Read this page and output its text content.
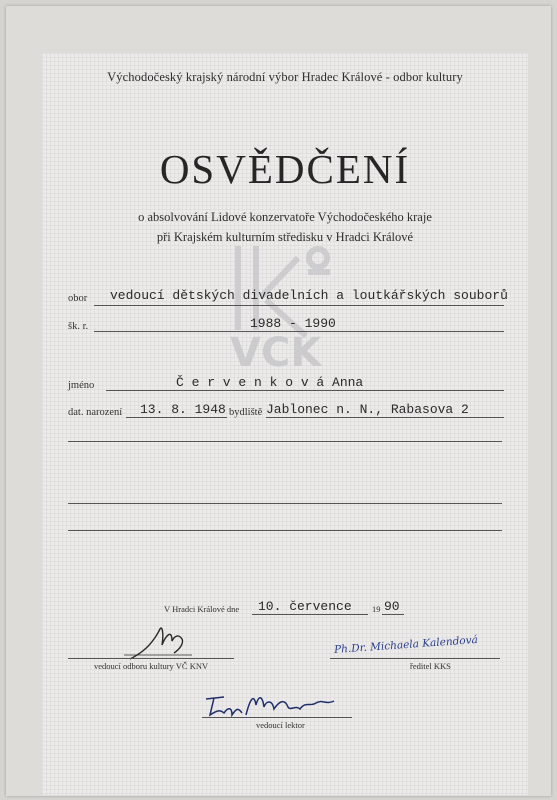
Východočeský krajský národní výbor Hradec Králové - odbor kultury
OSVĚDČENÍ
o absolvování Lidové konzervatoře Východočeského kraje
při Krajském kulturním středisku v Hradci Králové
VCK
obor vedoucí dětských divadelních a loutkářských souborů
šk. r.	1988 - 1990
jméno	Č e r v e n k o v á Anna
dat. narození 13. 8. 1948 bydliště Jablonec n. N., Rabasova 2
V Hradci Králové dne 10. července 19 90
vedoucí odboru kultury VČ KNV
Ph.Dr. Michaela Kalendová
ředitel KKS
vedoucí lektor
